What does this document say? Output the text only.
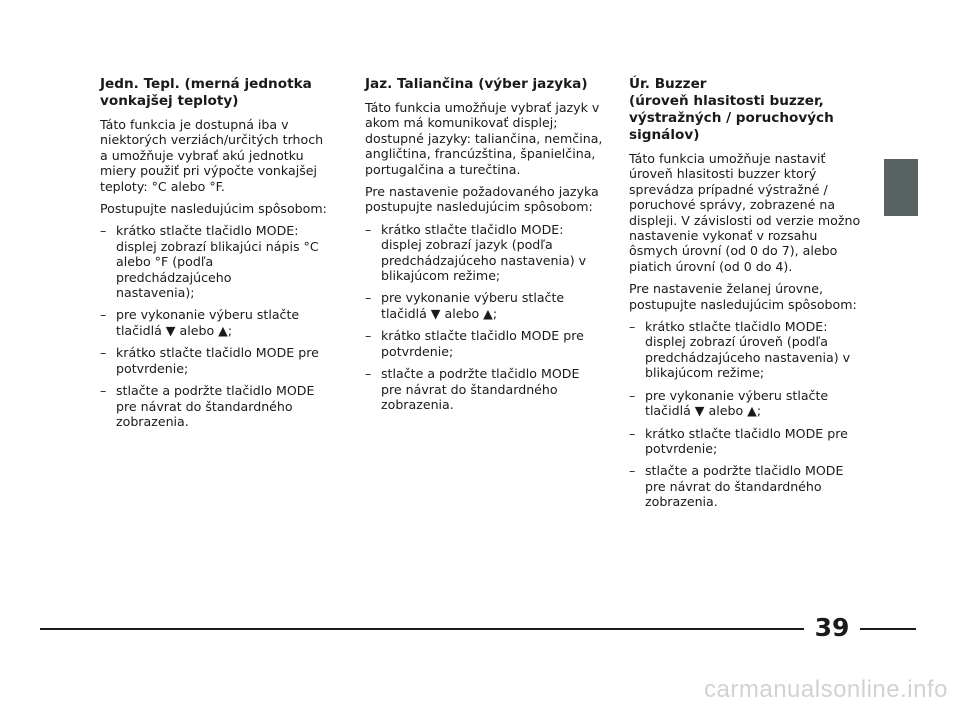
Jedn. Tepl. (merná jednotka
vonkajšej teploty)

Táto funkcia je dostupná iba v
niektorých verziách/určitých trhoch
a umožňuje vybrať akú jednotku
miery použiť pri výpočte vonkajšej
teploty: °C alebo °F.

Postupujte nasledujúcim spôsobom:

– krátko stlačte tlačidlo MODE:
displej zobrazí blikajúci nápis °C
alebo °F (podľa predchádzajúceho
nastavenia);
– pre vykonanie výberu stlačte
tlačidlá ▼ alebo ▲;
– krátko stlačte tlačidlo MODE pre
potvrdenie;
– stlačte a podržte tlačidlo MODE
pre návrat do štandardného
zobrazenia.
Jaz. Taliančina (výber jazyka)

Táto funkcia umožňuje vybrať jazyk v
akom má komunikovať displej;
dostupné jazyky: taliančina, nemčina,
angličtina, francúzština, španielčina,
portugalčina a turečtina.

Pre nastavenie požadovaného jazyka
postupujte nasledujúcim spôsobom:

– krátko stlačte tlačidlo MODE:
displej zobrazí jazyk (podľa
predchádzajúceho nastavenia) v
blikajúcom režime;
– pre vykonanie výberu stlačte
tlačidlá ▼ alebo ▲;
– krátko stlačte tlačidlo MODE pre
potvrdenie;
– stlačte a podržte tlačidlo MODE
pre návrat do štandardného
zobrazenia.
Úr. Buzzer
(úroveň hlasitosti buzzer,
výstražných / poruchových
signálov)

Táto funkcia umožňuje nastaviť
úroveň hlasitosti buzzer ktorý
sprevádza prípadné výstražné /
poruchové správy, zobrazené na
displeji. V závislosti od verzie možno
nastavenie vykonať v rozsahu
ôsmych úrovní (od 0 do 7), alebo
piatich úrovní (od 0 do 4).

Pre nastavenie želanej úrovne,
postupujte nasledujúcim spôsobom:

– krátko stlačte tlačidlo MODE:
displej zobrazí úroveň (podľa
predchádzajúceho nastavenia) v
blikajúcom režime;
– pre vykonanie výberu stlačte
tlačidlá ▼ alebo ▲;
– krátko stlačte tlačidlo MODE pre
potvrdenie;
– stlačte a podržte tlačidlo MODE
pre návrat do štandardného
zobrazenia.
39
carmanualsonline.info
